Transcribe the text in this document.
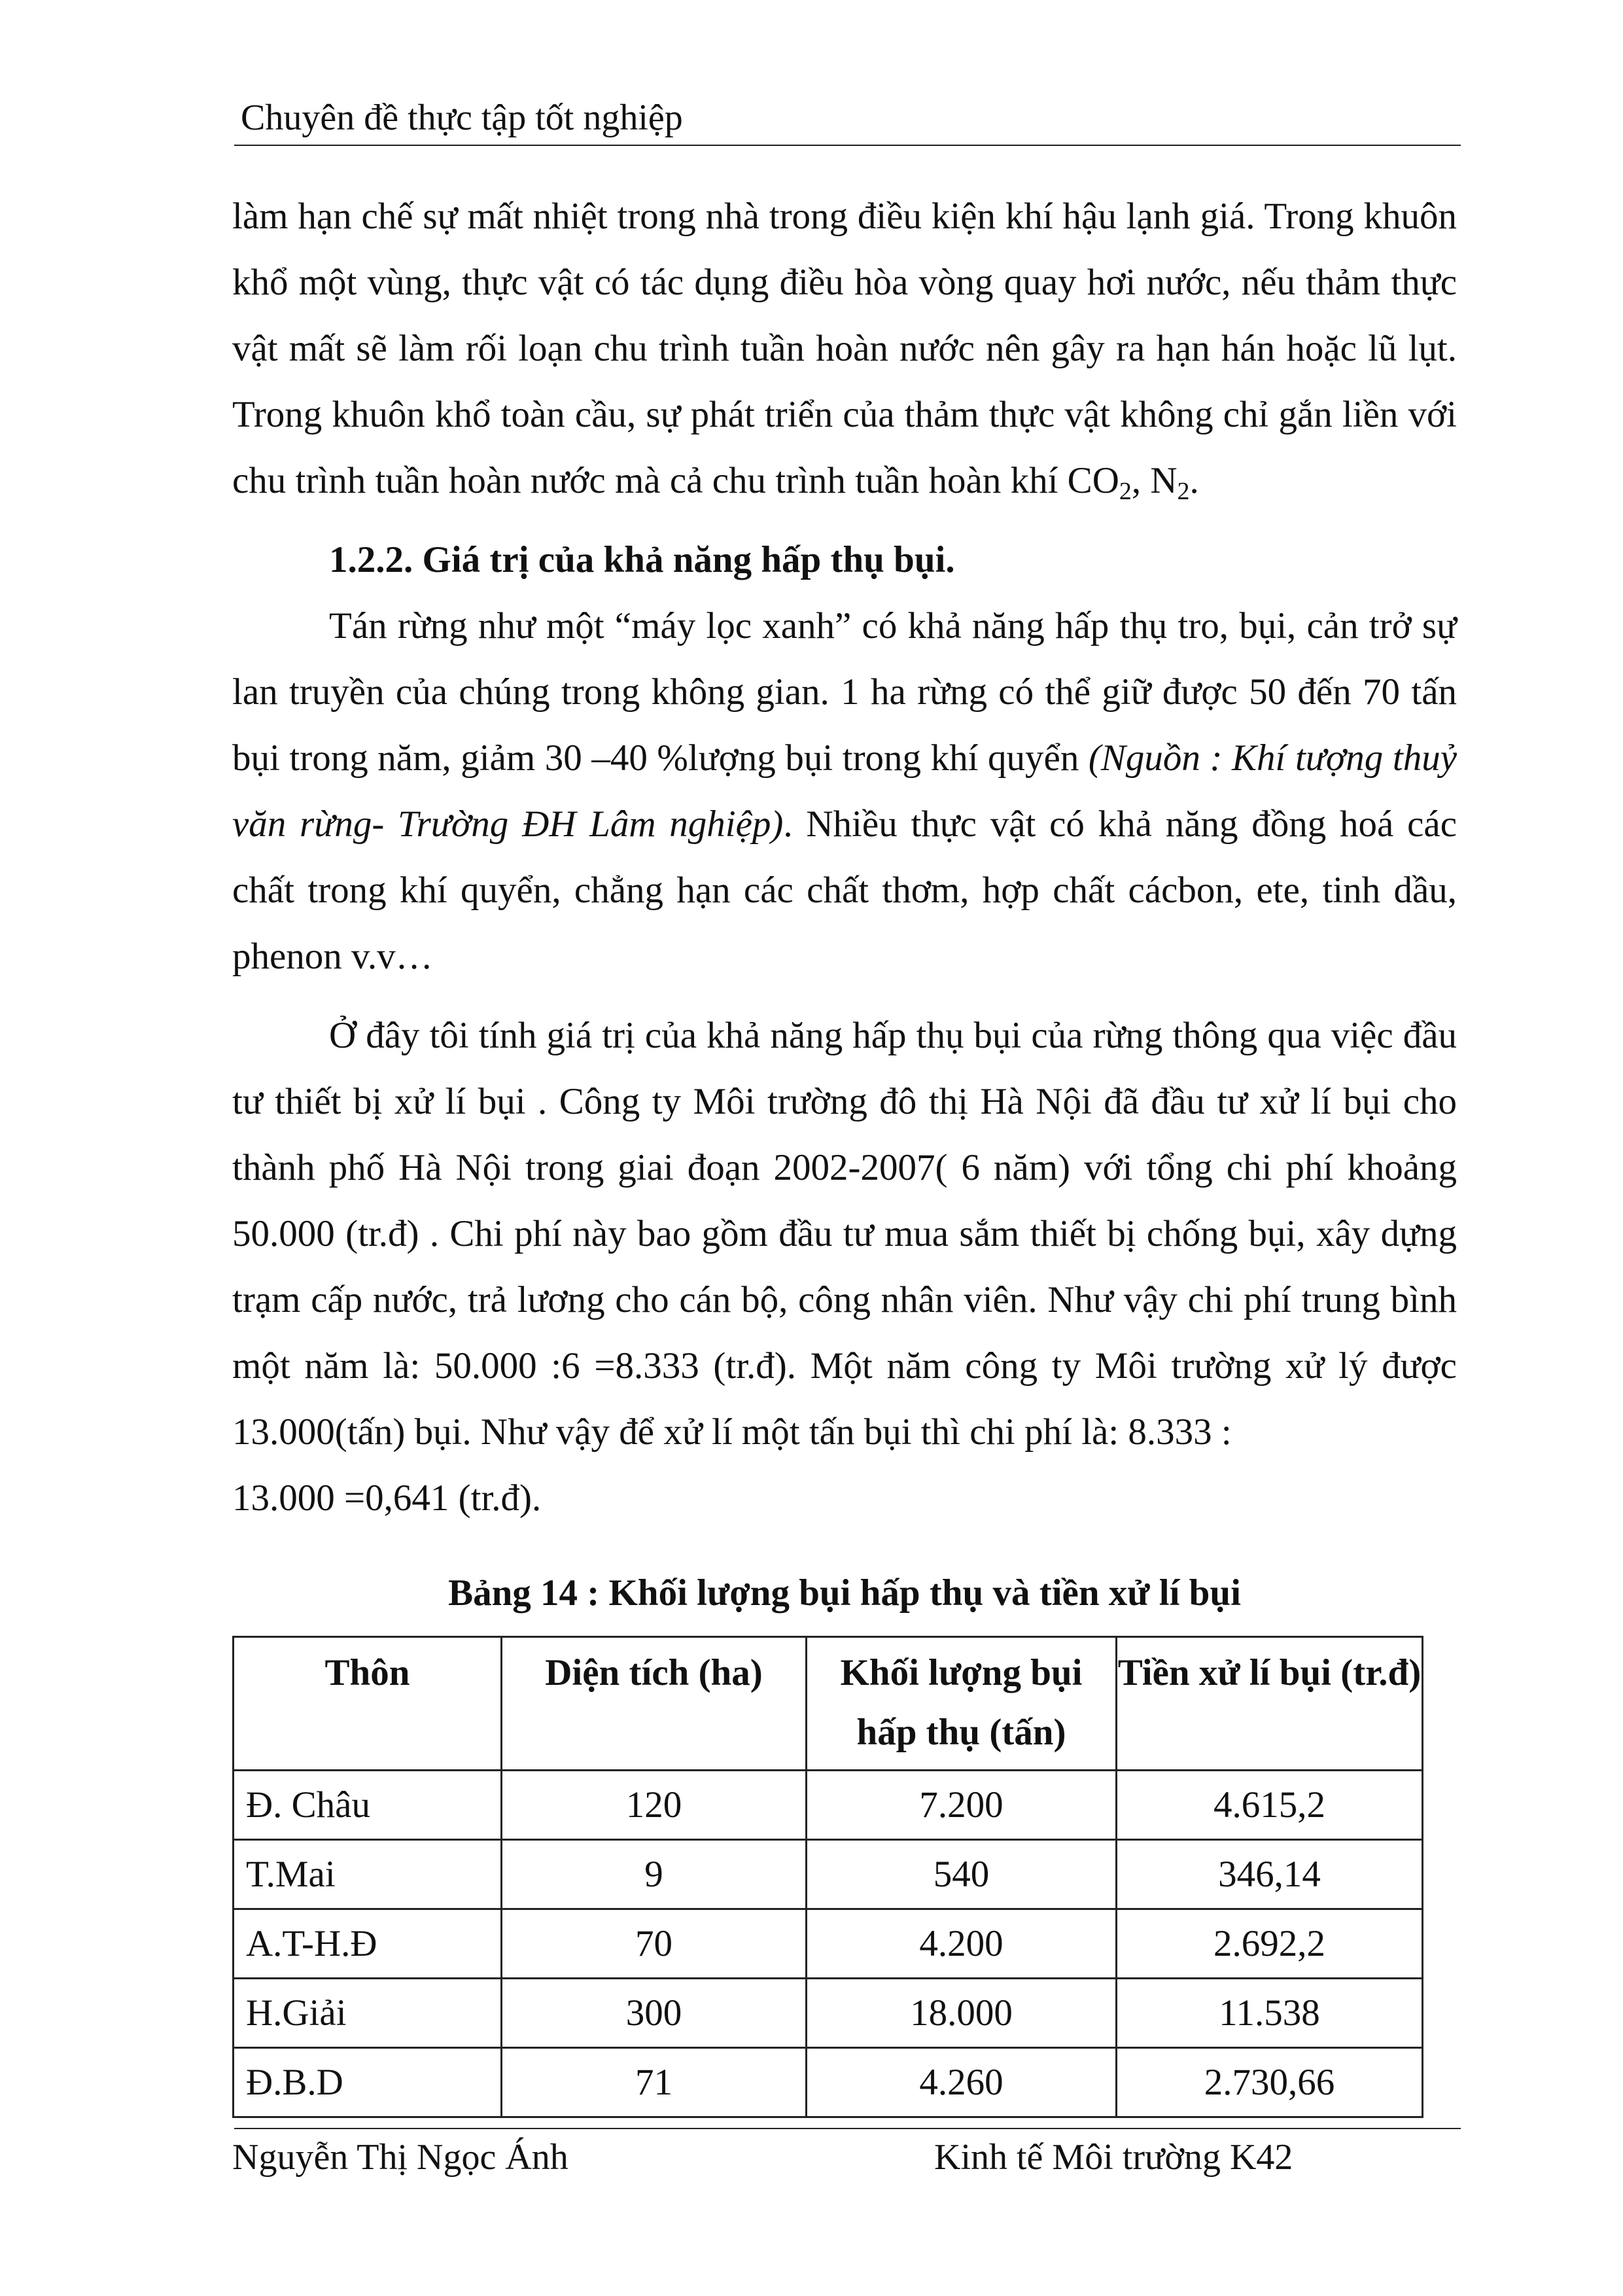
Chuyên đề thực tập tốt nghiệp

làm hạn chế sự mất nhiệt trong nhà trong điều kiện khí hậu lạnh giá. Trong khuôn khổ một vùng, thực vật có tác dụng điều hòa vòng quay hơi nước, nếu thảm thực vật mất sẽ làm rối loạn chu trình tuần hoàn nước nên gây ra hạn hán hoặc lũ lụt. Trong khuôn khổ toàn cầu, sự phát triển của thảm thực vật không chỉ gắn liền với chu trình tuần hoàn nước mà cả chu trình tuần hoàn khí $CO_2$, $N_2$.

1.2.2. Giá trị của khả năng hấp thụ bụi.

Tán rừng như một “máy lọc xanh” có khả năng hấp thụ tro, bụi, cản trở sự lan truyền của chúng trong không gian. 1 ha rừng có thể giữ được 50 đến 70 tấn bụi trong năm, giảm 30 –40 %lượng bụi trong khí quyển (Nguồn : Khí tượng thuỷ văn rừng- Trường ĐH Lâm nghiệp). Nhiều thực vật có khả năng đồng hoá các chất trong khí quyển, chẳng hạn các chất thơm, hợp chất cácbon, ete, tinh dầu, phenon v.v…

Ở đây tôi tính giá trị của khả năng hấp thụ bụi của rừng thông qua việc đầu tư thiết bị xử lí bụi . Công ty Môi trường đô thị Hà Nội đã đầu tư xử lí bụi cho thành phố Hà Nội trong giai đoạn 2002-2007( 6 năm) với tổng chi phí khoảng 50.000 (tr.đ) . Chi phí này bao gồm đầu tư mua sắm thiết bị chống bụi, xây dựng trạm cấp nước, trả lương cho cán bộ, công nhân viên. Như vậy chi phí trung bình một năm là: 50.000 :6 =8.333 (tr.đ). Một năm công ty Môi trường xử lý được 13.000(tấn) bụi. Như vậy để xử lí một tấn bụi thì chi phí là: 8.333 :

13.000 =0,641 (tr.đ).

Bảng 14 : Khối lượng bụi hấp thụ và tiền xử lí bụi
Thôn	Diện tích (ha)	Khối lượng bụi hấp thụ (tấn)	Tiền xử lí bụi (tr.đ)
Đ. Châu	120	7.200	4.615,2
T.Mai	9	540	346,14
A.T-H.Đ	70	4.200	2.692,2
H.Giải	300	18.000	11.538
Đ.B.D	71	4.260	2.730,66
Nguyễn Thị Ngọc Ánh	Kinh tế Môi trường K42
